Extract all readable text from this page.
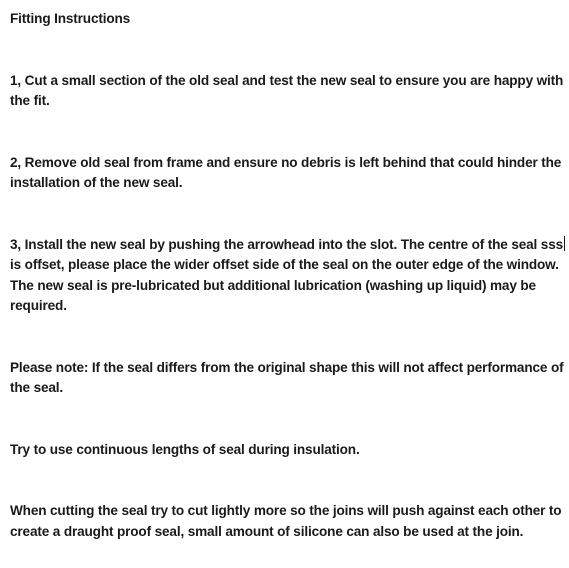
Fitting Instructions

1, Cut a small section of the old seal and test the new seal to ensure you are happy with the fit.

2, Remove old seal from frame and ensure no debris is left behind that could hinder the installation of the new seal.

3, Install the new seal by pushing the arrowhead into the slot. The centre of the seal sssis offset, please place the wider offset side of the seal on the outer edge of the window. The new seal is pre-lubricated but additional lubrication (washing up liquid) may be required.

Please note: If the seal differs from the original shape this will not affect performance of the seal.

Try to use continuous lengths of seal during insulation.

When cutting the seal try to cut lightly more so the joins will push against each other to create a draught proof seal, small amount of silicone can also be used at the join.
